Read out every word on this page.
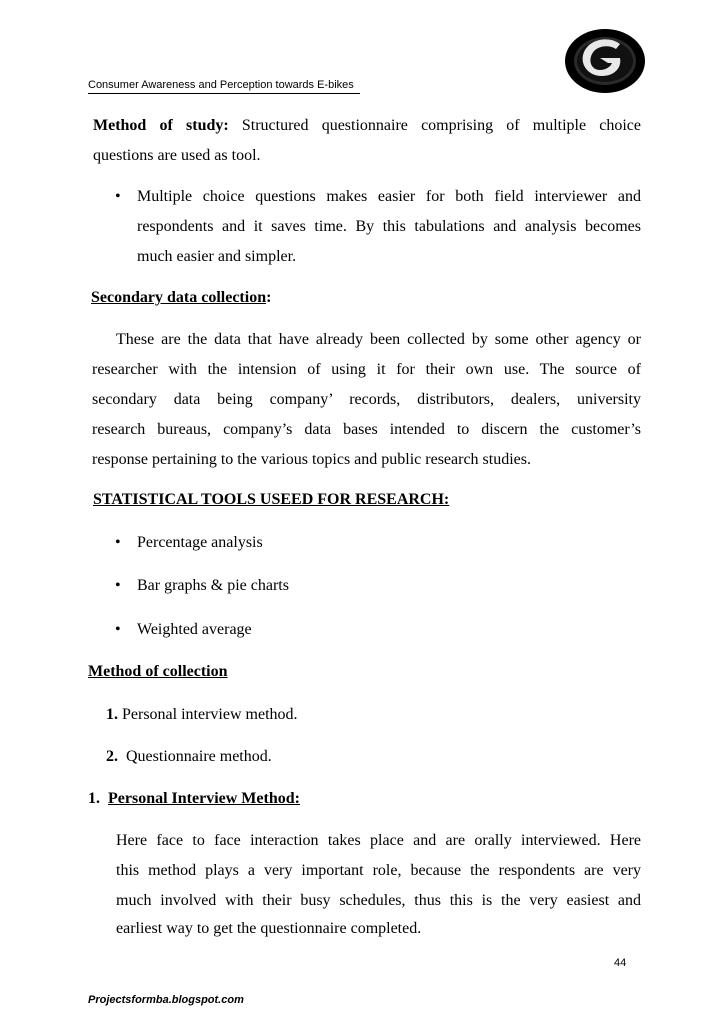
Consumer Awareness and Perception towards E-bikes
Method of study: Structured questionnaire comprising of multiple choice
questions are used as tool.
• Multiple choice questions makes easier for both field interviewer and
respondents and it saves time. By this tabulations and analysis becomes
much easier and simpler.
Secondary data collection:
These are the data that have already been collected by some other agency or
researcher with the intension of using it for their own use. The source of
secondary data being company’ records, distributors, dealers, university
research bureaus, company’s data bases intended to discern the customer’s
response pertaining to the various topics and public research studies.
STATISTICAL TOOLS USEED FOR RESEARCH:
• Percentage analysis
• Bar graphs & pie charts
• Weighted average
Method of collection
1. Personal interview method.
2. Questionnaire method.
1. Personal Interview Method:
Here face to face interaction takes place and are orally interviewed. Here
this method plays a very important role, because the respondents are very
much involved with their busy schedules, thus this is the very easiest and
earliest way to get the questionnaire completed.
44
Projectsformba.blogspot.com
